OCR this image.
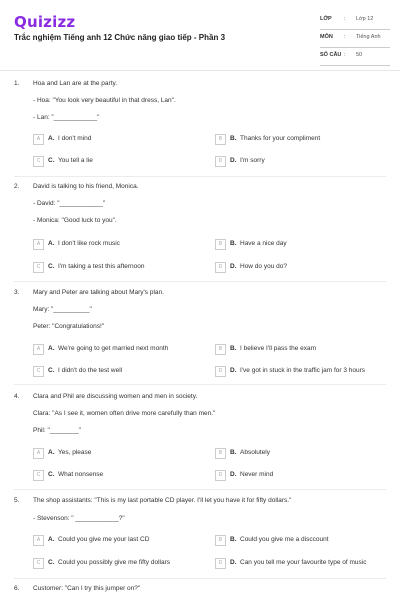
Quizizz
Trắc nghiệm Tiếng anh 12 Chức năng giao tiếp - Phần 3
LỚP : Lớp 12
MÔN : Tiếng Anh
SỐ CÂU : 50
1. Hoa and Lan are at the party.
- Hoa: "You look very beautiful in that dress, Lan".
- Lan: "____________"
A	A. I don't mind	B	B. Thanks for your compliment
C	C. You tell a lie	D	D. I'm sorry
2. David is talking to his friend, Monica.
- David: "____________"
- Monica: "Good luck to you".
A	A. I don't like rock music	B	B. Have a nice day
C	C. I'm taking a test this afternoon	D	D. How do you do?
3. Mary and Peter are talking about Mary's plan.
Mary: "__________"
Peter: "Congratulations!"
A	A. We're going to get married next month	B	B. I believe I'll pass the exam
C	C. I didn't do the test well	D	D. I've got in stuck in the traffic jam for 3 hours
4. Clara and Phil are discussing women and men in society.
Clara: "As I see it, women often drive more carefully than men."
Phil: "________"
A	A. Yes, please	B	B. Absolutely
C	C. What nonsense	D	D. Never mind
5. The shop assistants: "This is my last portable CD player. I'll let you have it for fifty dollars."
- Stevenson: " ____________?"
A	A. Could you give me your last CD	B	B. Could you give me a disccount
C	C. Could you possibly give me fifty dollars	D	D. Can you tell me your favourite type of music
6. Customer: "Can I try this jumper on?"
